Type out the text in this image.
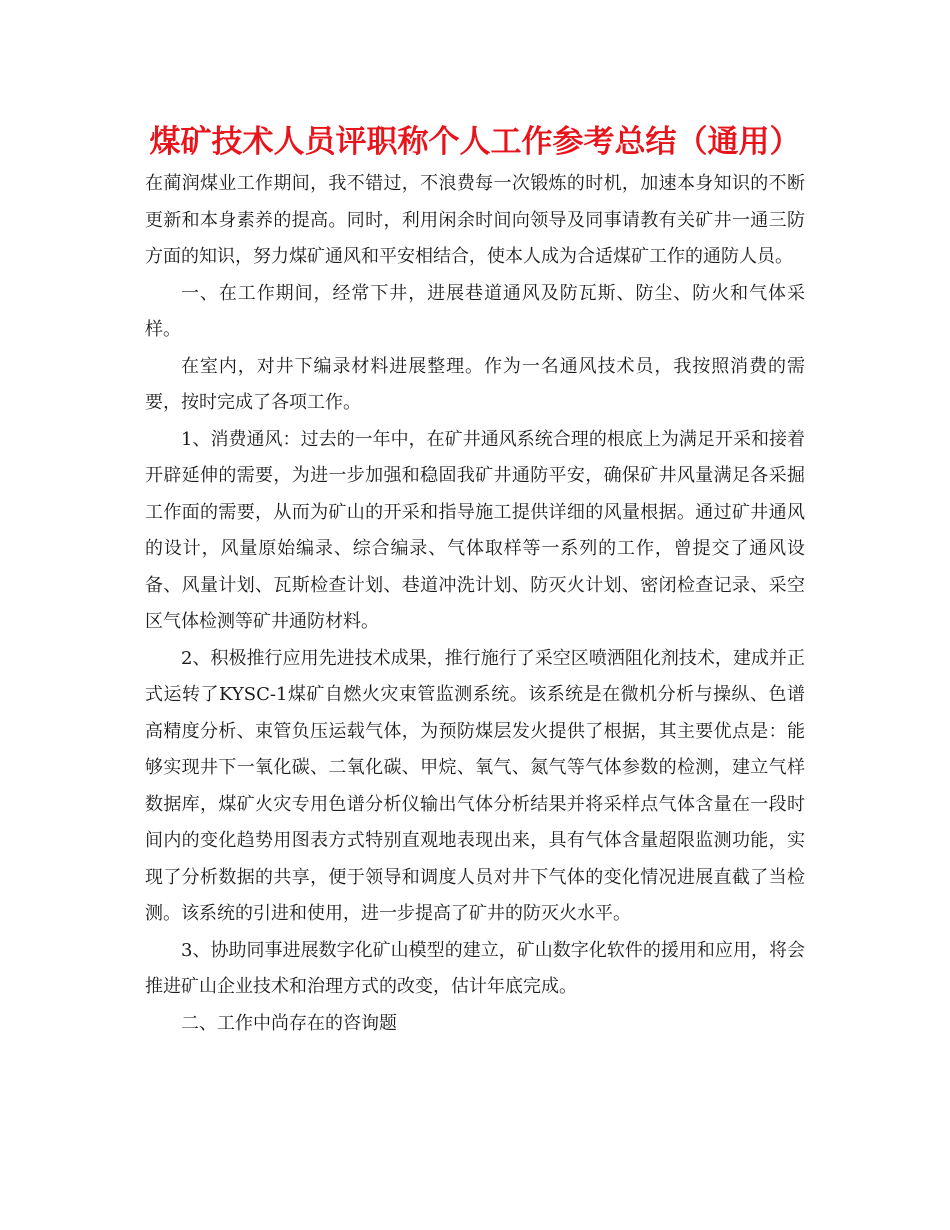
煤矿技术人员评职称个人工作参考总结（通用）

在蔺润煤业工作期间，我不错过，不浪费每一次锻炼的时机，加速本身知识的不断更新和本身素养的提高。同时，利用闲余时间向领导及同事请教有关矿井一通三防方面的知识，努力煤矿通风和平安相结合，使本人成为合适煤矿工作的通防人员。

一、在工作期间，经常下井，进展巷道通风及防瓦斯、防尘、防火和气体采样。

在室内，对井下编录材料进展整理。作为一名通风技术员，我按照消费的需要，按时完成了各项工作。

1、消费通风：过去的一年中，在矿井通风系统合理的根底上为满足开采和接着开辟延伸的需要，为进一步加强和稳固我矿井通防平安，确保矿井风量满足各采掘工作面的需要，从而为矿山的开采和指导施工提供详细的风量根据。通过矿井通风的设计，风量原始编录、综合编录、气体取样等一系列的工作，曾提交了通风设备、风量计划、瓦斯检查计划、巷道冲洗计划、防灭火计划、密闭检查记录、采空区气体检测等矿井通防材料。

2、积极推行应用先进技术成果，推行施行了采空区喷洒阻化剂技术，建成并正式运转了KYSC-1煤矿自燃火灾束管监测系统。该系统是在微机分析与操纵、色谱高精度分析、束管负压运载气体，为预防煤层发火提供了根据，其主要优点是：能够实现井下一氧化碳、二氧化碳、甲烷、氧气、氮气等气体参数的检测，建立气样数据库，煤矿火灾专用色谱分析仪输出气体分析结果并将采样点气体含量在一段时间内的变化趋势用图表方式特别直观地表现出来，具有气体含量超限监测功能，实现了分析数据的共享，便于领导和调度人员对井下气体的变化情况进展直截了当检测。该系统的引进和使用，进一步提高了矿井的防灭火水平。

3、协助同事进展数字化矿山模型的建立，矿山数字化软件的援用和应用，将会推进矿山企业技术和治理方式的改变，估计年底完成。

二、工作中尚存在的咨询题
